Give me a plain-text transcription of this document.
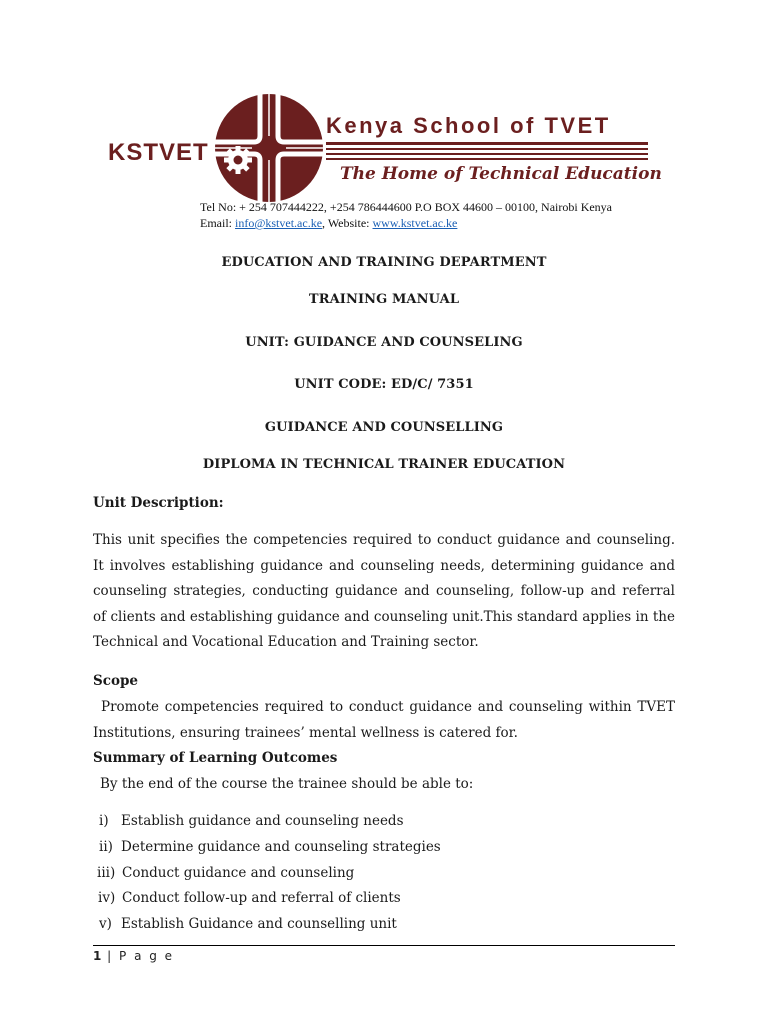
KSTVET
Kenya School of TVET
The Home of Technical Education
Tel No: + 254 707444222, +254 786444600 P.O BOX 44600 – 00100, Nairobi Kenya
Email: info@kstvet.ac.ke, Website: www.kstvet.ac.ke
EDUCATION AND TRAINING DEPARTMENT
TRAINING MANUAL
UNIT: GUIDANCE AND COUNSELING
UNIT CODE: ED/C/ 7351
GUIDANCE AND COUNSELLING
DIPLOMA IN TECHNICAL TRAINER EDUCATION
Unit Description:

This unit specifies the competencies required to conduct guidance and counseling. It involves establishing guidance and counseling needs, determining guidance and counseling strategies, conducting guidance and counseling, follow-up and referral of clients and establishing guidance and counseling unit.This standard applies in the Technical and Vocational Education and Training sector.

Scope
Promote competencies required to conduct guidance and counseling within TVET
Institutions, ensuring trainees’ mental wellness is catered for.
Summary of Learning Outcomes
By the end of the course the trainee should be able to:
i) Establish guidance and counseling needs
ii) Determine guidance and counseling strategies
iii) Conduct guidance and counseling
iv) Conduct follow-up and referral of clients
v) Establish Guidance and counselling unit
1 | P a g e
